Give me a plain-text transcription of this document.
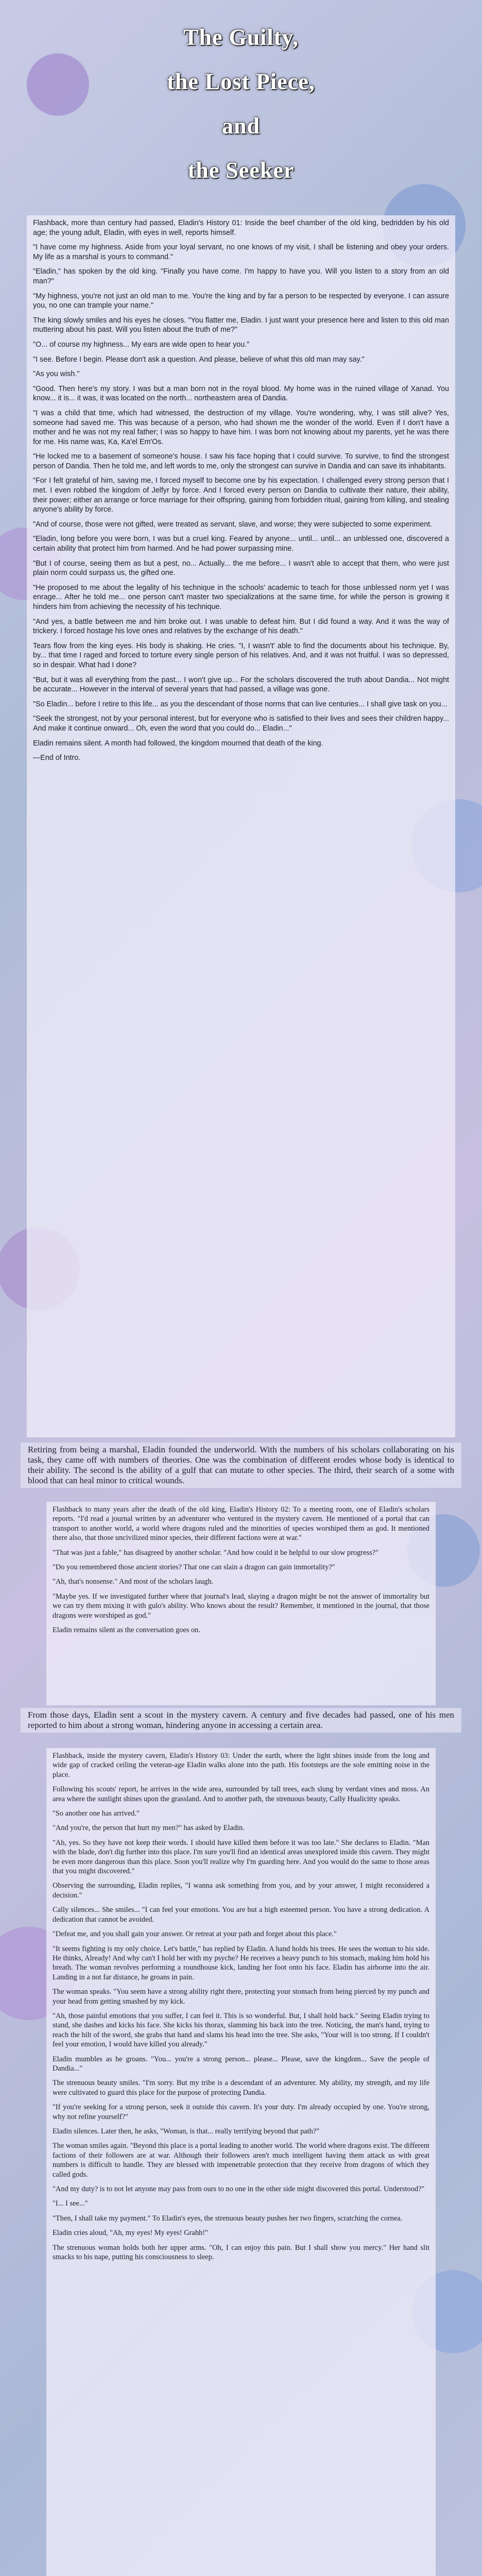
The Guilty,
the Lost Piece,
and
the Seeker

Flashback, more than century had passed, Eladin's History 01: Inside the beef chamber of the old king, bedridden by his old age; the young adult, Eladin, with eyes in well, reports himself.

"I have come my highness. Aside from your loyal servant, no one knows of my visit, I shall be listening and obey your orders. My life as a marshal is yours to command."

"Eladin," has spoken by the old king. "Finally you have come. I'm happy to have you. Will you listen to a story from an old man?"

"My highness, you're not just an old man to me. You're the king and by far a person to be respected by everyone. I can assure you, no one can trample your name."

The king slowly smiles and his eyes he closes. "You flatter me, Eladin. I just want your presence here and listen to this old man muttering about his past. Will you listen about the truth of me?"

"O... of course my highness... My ears are wide open to hear you."

"I see. Before I begin. Please don't ask a question. And please, believe of what this old man may say."

"As you wish."

"Good. Then here's my story. I was but a man born not in the royal blood. My home was in the ruined village of Xanad. You know... it is... it was, it was located on the north... northeastern area of Dandia.

"I was a child that time, which had witnessed, the destruction of my village. You're wondering, why, I was still alive? Yes, someone had saved me. This was because of a person, who had shown me the wonder of the world. Even if I don't have a mother and he was not my real father; I was so happy to have him. I was born not knowing about my parents, yet he was there for me. His name was, Ka, Ka'el Em'Os.

"He locked me to a basement of someone's house. I saw his face hoping that I could survive. To survive, to find the strongest person of Dandia. Then he told me, and left words to me, only the strongest can survive in Dandia and can save its inhabitants.

"For I felt grateful of him, saving me, I forced myself to become one by his expectation. I challenged every strong person that I met. I even robbed the kingdom of Jelfyr by force. And I forced every person on Dandia to cultivate their nature, their ability, their power; either an arrange or force marriage for their offspring, gaining from forbidden ritual, gaining from killing, and stealing anyone's ability by force.

"And of course, those were not gifted, were treated as servant, slave, and worse; they were subjected to some experiment.

"Eladin, long before you were born, I was but a cruel king. Feared by anyone... until... until... an unblessed one, discovered a certain ability that protect him from harmed. And he had power surpassing mine.

"But I of course, seeing them as but a pest, no... Actually... the me before... I wasn't able to accept that them, who were just plain norm could surpass us, the gifted one.

"He proposed to me about the legality of his technique in the schools' academic to teach for those unblessed norm yet I was enrage... After he told me... one person can't master two specializations at the same time, for while the person is growing it hinders him from achieving the necessity of his technique.

"And yes, a battle between me and him broke out. I was unable to defeat him. But I did found a way. And it was the way of trickery. I forced hostage his love ones and relatives by the exchange of his death."

Tears flow from the king eyes. His body is shaking. He cries. "I, I wasn't' able to find the documents about his technique. By, by... that time I raged and forced to torture every single person of his relatives. And, and it was not fruitful. I was so depressed, so in despair. What had I done?

"But, but it was all everything from the past... I won't give up... For the scholars discovered the truth about Dandia... Not might be accurate... However in the interval of several years that had passed, a village was gone.

"So Eladin... before I retire to this life... as you the descendant of those norms that can live centuries... I shall give task on you...

"Seek the strongest, not by your personal interest, but for everyone who is satisfied to their lives and sees their children happy... And make it continue onward... Oh, even the word that you could do... Eladin..."

Eladin remains silent. A month had followed, the kingdom mourned that death of the king.

—End of Intro.

Retiring from being a marshal, Eladin founded the underworld. With the numbers of his scholars collaborating on his task, they came off with numbers of theories. One was the combination of different erodes whose body is identical to their ability. The second is the ability of a gulf that can mutate to other species. The third, their search of a some with blood that can heal minor to critical wounds.

Flashback to many years after the death of the old king, Eladin's History 02: To a meeting room, one of Eladin's scholars reports. "I'd read a journal written by an adventurer who ventured in the mystery cavern. He mentioned of a portal that can transport to another world, a world where dragons ruled and the minorities of species worshiped them as god. It mentioned there also, that those uncivilized minor species, their different factions were at war."

"That was just a fable," has disagreed by another scholar. "And how could it be helpful to our slow progress?"

"Do you remembered those ancient stories? That one can slain a dragon can gain immortality?"

"Ah, that's nonsense." And most of the scholars laugh.

"Maybe yes. If we investigated further where that journal's lead, slaying a dragon might be not the answer of immortality but we can try them mixing it with gulo's ability. Who knows about the result? Remember, it mentioned in the journal, that those dragons were worshiped as god."

Eladin remains silent as the conversation goes on.

From those days, Eladin sent a scout in the mystery cavern. A century and five decades had passed, one of his men reported to him about a strong woman, hindering anyone in accessing a certain area.

Flashback, inside the mystery cavern, Eladin's History 03: Under the earth, where the light shines inside from the long and wide gap of cracked ceiling the veteran-age Eladin walks alone into the path. His footsteps are the sole emitting noise in the place.

Following his scouts' report, he arrives in the wide area, surrounded by tall trees, each slung by verdant vines and moss. An area where the sunlight shines upon the grassland. And to another path, the strenuous beauty, Cally Hualicitty speaks.

"So another one has arrived."

"And you're, the person that hurt my men?" has asked by Eladin.

"Ah, yes. So they have not keep their words. I should have killed them before it was too late." She declares to Eladin. "Man with the blade, don't dig further into this place. I'm sure you'll find an identical areas unexplored inside this cavern. They might be even more dangerous than this place. Soon you'll realize why I'm guarding here. And you would do the same to those areas that you might discovered."

Observing the surrounding, Eladin replies, "I wanna ask something from you, and by your answer, I might reconsidered a decision."

Cally silences... She smiles... "I can feel your emotions. You are but a high esteemed person. You have a strong dedication. A dedication that cannot be avoided.

"Defeat me, and you shall gain your answer. Or retreat at your path and forget about this place."

"It seems fighting is my only choice. Let's battle," has replied by Eladin. A hand holds his trees. He sees the woman to his side. He thinks, Already! And why can't I hold her with my psyche? He receives a heavy punch to his stomach, making him hold his breath. The woman revolves performing a roundhouse kick, landing her foot onto his face. Eladin has airborne into the air. Landing in a not far distance, he groans in pain.

The woman speaks. "You seem have a strong ability right there, protecting your stomach from being pierced by my punch and your head from getting smashed by my kick.

"Ah, those painful emotions that you suffer, I can feel it. This is so wonderful. But, I shall hold back." Seeing Eladin trying to stand, she dashes and kicks his face. She kicks his thorax, slamming his back into the tree. Noticing, the man's hand, trying to reach the hilt of the sword, she grabs that hand and slams his head into the tree. She asks, "Your will is too strong. If I couldn't feel your emotion, I would have killed you already."

Eladin mumbles as he groans. "You... you're a strong person... please... Please, save the kingdom... Save the people of Dandia..."

The strenuous beauty smiles. "I'm sorry. But my tribe is a descendant of an adventurer. My ability, my strength, and my life were cultivated to guard this place for the purpose of protecting Dandia.

"If you're seeking for a strong person, seek it outside this cavern. It's your duty. I'm already occupied by one. You're strong, why not refine yourself?"

Eladin silences. Later then, he asks, "Woman, is that... really terrifying beyond that path?"

The woman smiles again. "Beyond this place is a portal leading to another world. The world where dragons exist. The different factions of their followers are at war. Although their followers aren't much intelligent having them attack us with great numbers is difficult to handle. They are blessed with impenetrable protection that they receive from dragons of which they called gods.

"And my duty? is to not let anyone may pass from ours to no one in the other side might discovered this portal. Understood?"

"I... I see..."

"Then, I shall take my payment." To Eladin's eyes, the strenuous beauty pushes her two fingers, scratching the cornea.

Eladin cries aloud, "Ah, my eyes! My eyes! Grahh!"

The strenuous woman holds both her upper arms. "Oh, I can enjoy this pain. But I shall show you mercy." Her hand slit smacks to his nape, putting his consciousness to sleep.
